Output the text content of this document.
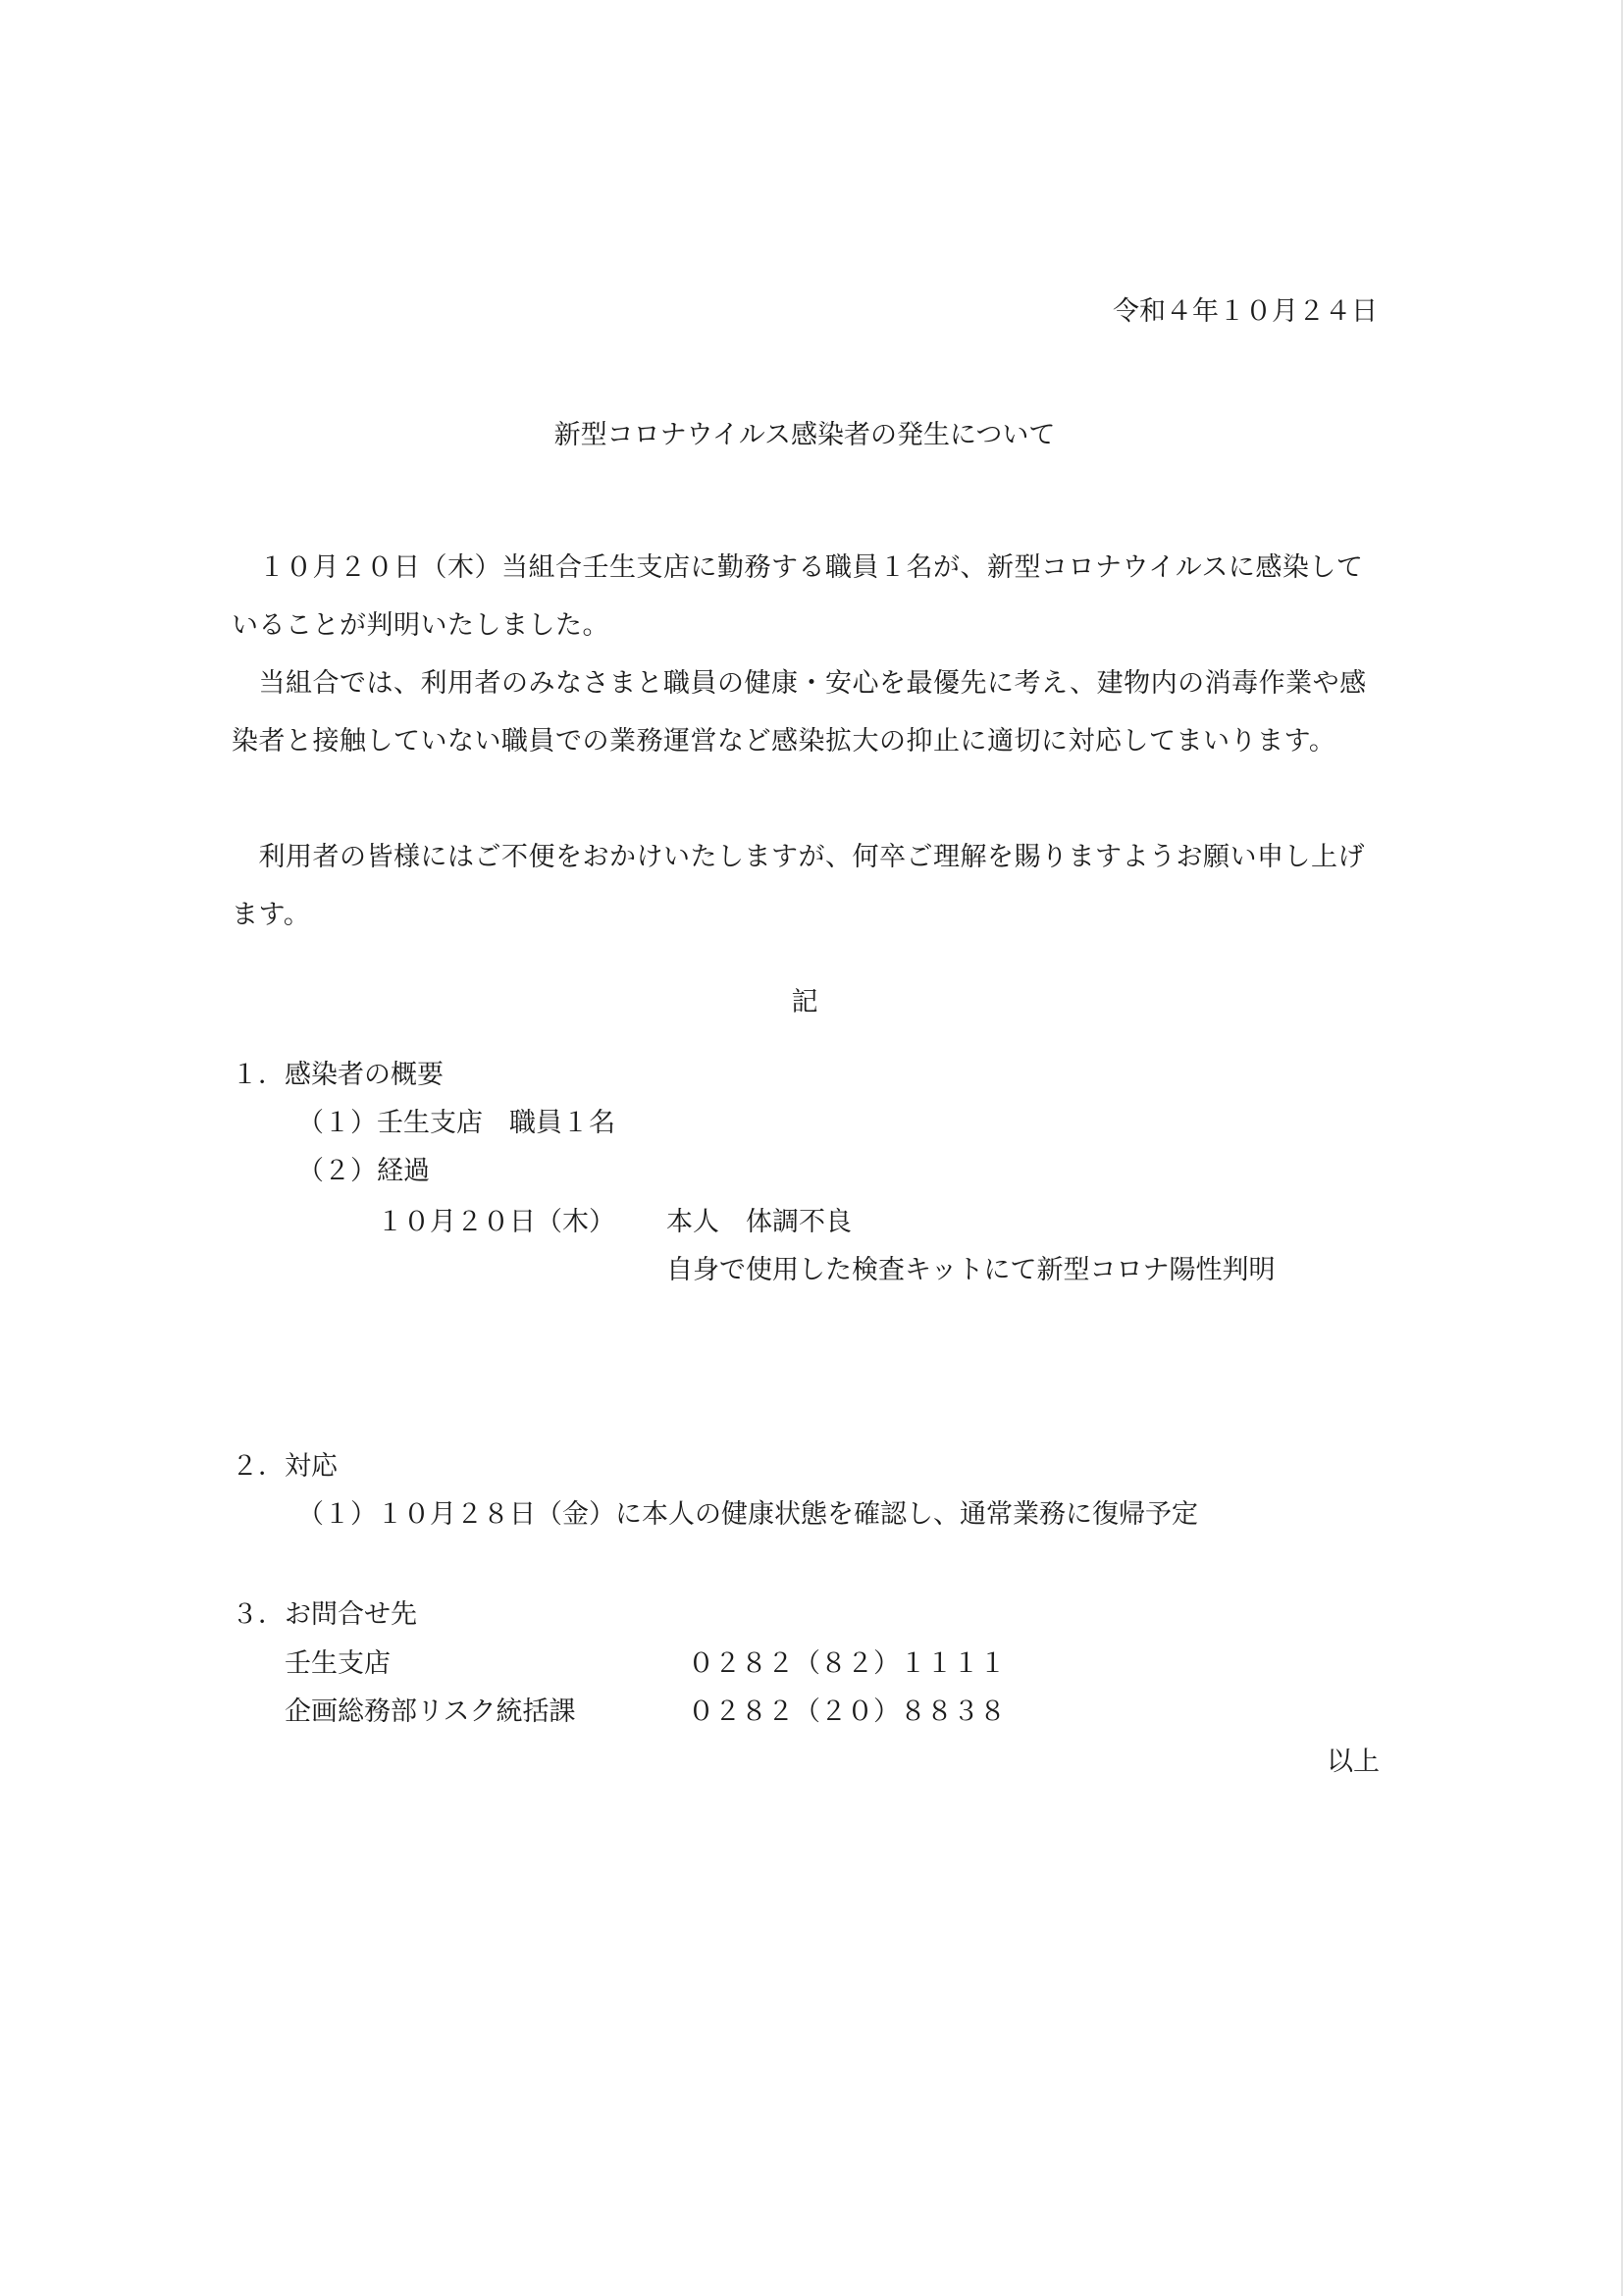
令和４年１０月２４日
新型コロナウイルス感染者の発生について
　１０月２０日（木）当組合壬生支店に勤務する職員１名が、新型コロナウイルスに感染していることが判明いたしました。
　当組合では、利用者のみなさまと職員の健康・安心を最優先に考え、建物内の消毒作業や感染者と接触していない職員での業務運営など感染拡大の抑止に適切に対応してまいります。
　利用者の皆様にはご不便をおかけいたしますが、何卒ご理解を賜りますようお願い申し上げます。
記
１．感染者の概要
（１）壬生支店　職員１名
（２）経過
１０月２０日（木） 本人　体調不良
自身で使用した検査キットにて新型コロナ陽性判明
２．対応
（１）１０月２８日（金）に本人の健康状態を確認し、通常業務に復帰予定
３．お問合せ先
壬生支店	０２８２（８２）１１１１
企画総務部リスク統括課	０２８２（２０）８８３８
以上
